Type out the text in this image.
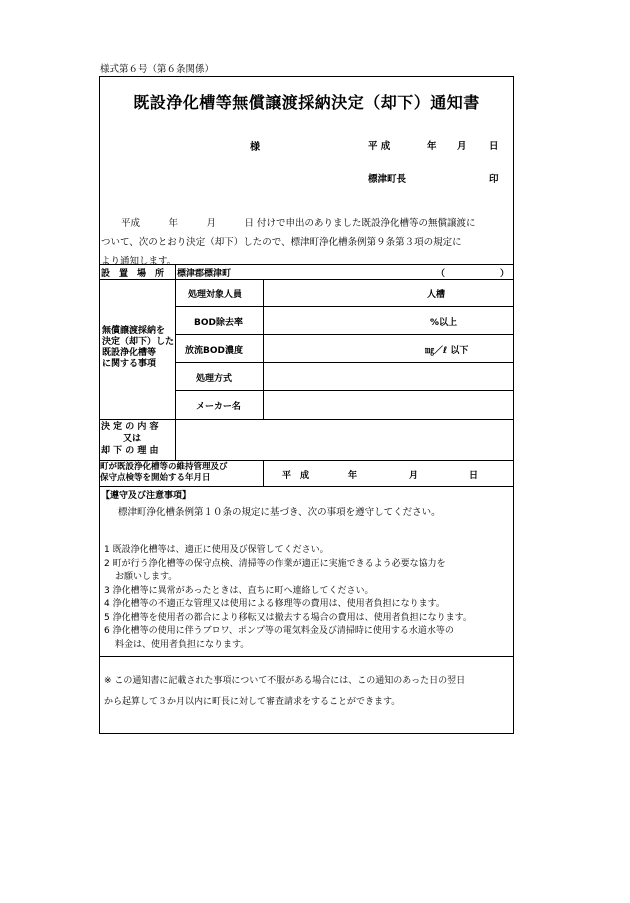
様式第６号（第６条関係）
既設浄化槽等無償譲渡採納決定（却下）通知書
様	平 成	年 月 日
標津町長	印
平成　　　年　　　月　　　日 付けで申出のありました既設浄化槽等の無償譲渡に
ついて、次のとおり決定（却下）したので、標津町浄化槽条例第９条第３項の規定に
より通知します。
設　置　場　所 標津郡標津町	（	）
無償譲渡採納を
決定（却下）した
既設浄化槽等
に関する事項
処理対象人員	人槽
BOD除去率	%以上
放流BOD濃度	㎎／ℓ 以下
処理方式
メーカー名
決 定 の 内 容
又は
却 下 の 理 由
町が既設浄化槽等の維持管理及び
保守点検等を開始する年月日	平　成	年	月	日
【遵守及び注意事項】
標津町浄化槽条例第１０条の規定に基づき、次の事項を遵守してください。
1 既設浄化槽等は、適正に使用及び保管してください。
2 町が行う浄化槽等の保守点検、清掃等の作業が適正に実施できるよう必要な協力を
お願いします。
3 浄化槽等に異常があったときは、直ちに町へ連絡してください。
4 浄化槽等の不適正な管理又は使用による修理等の費用は、使用者負担になります。
5 浄化槽等を使用者の都合により移転又は撤去する場合の費用は、使用者負担になります。
6 浄化槽等の使用に伴うブロワ、ポンプ等の電気料金及び清掃時に使用する水道水等の
料金は、使用者負担になります。
※ この通知書に記載された事項について不服がある場合には、この通知のあった日の翌日
から起算して３か月以内に町長に対して審査請求をすることができます。
